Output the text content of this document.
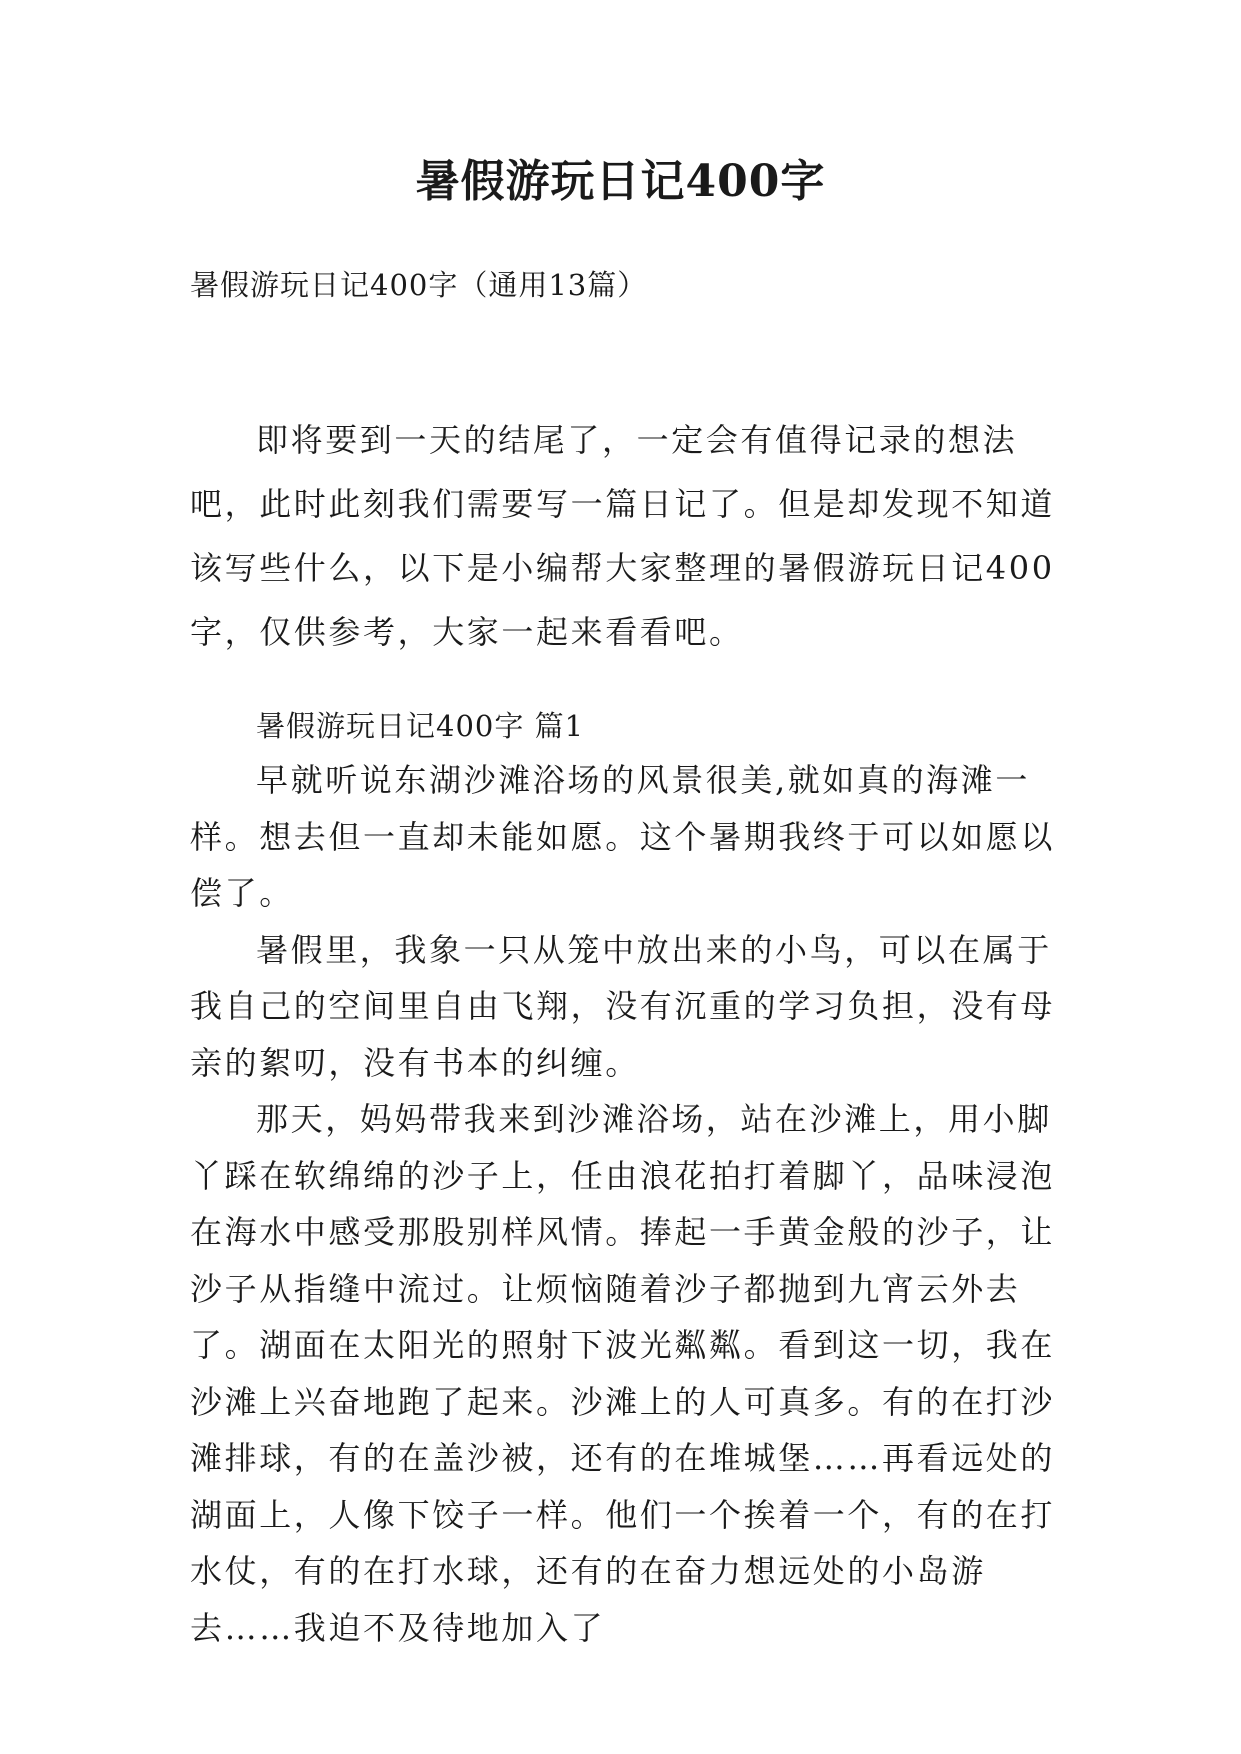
暑假游玩日记400字
暑假游玩日记400字（通用13篇）

即将要到一天的结尾了，一定会有值得记录的想法吧，此时此刻我们需要写一篇日记了。但是却发现不知道该写些什么，以下是小编帮大家整理的暑假游玩日记400字，仅供参考，大家一起来看看吧。

暑假游玩日记400字 篇1

早就听说东湖沙滩浴场的风景很美,就如真的海滩一样。想去但一直却未能如愿。这个暑期我终于可以如愿以偿了。

暑假里，我象一只从笼中放出来的小鸟，可以在属于我自己的空间里自由飞翔，没有沉重的学习负担，没有母亲的絮叨，没有书本的纠缠。

那天，妈妈带我来到沙滩浴场，站在沙滩上，用小脚丫踩在软绵绵的沙子上，任由浪花拍打着脚丫，品味浸泡在海水中感受那股别样风情。捧起一手黄金般的沙子，让沙子从指缝中流过。让烦恼随着沙子都抛到九宵云外去了。湖面在太阳光的照射下波光粼粼。看到这一切，我在沙滩上兴奋地跑了起来。沙滩上的人可真多。有的在打沙滩排球，有的在盖沙被，还有的在堆城堡……再看远处的湖面上，人像下饺子一样。他们一个挨着一个，有的在打水仗，有的在打水球，还有的在奋力想远处的小岛游去……我迫不及待地加入了
